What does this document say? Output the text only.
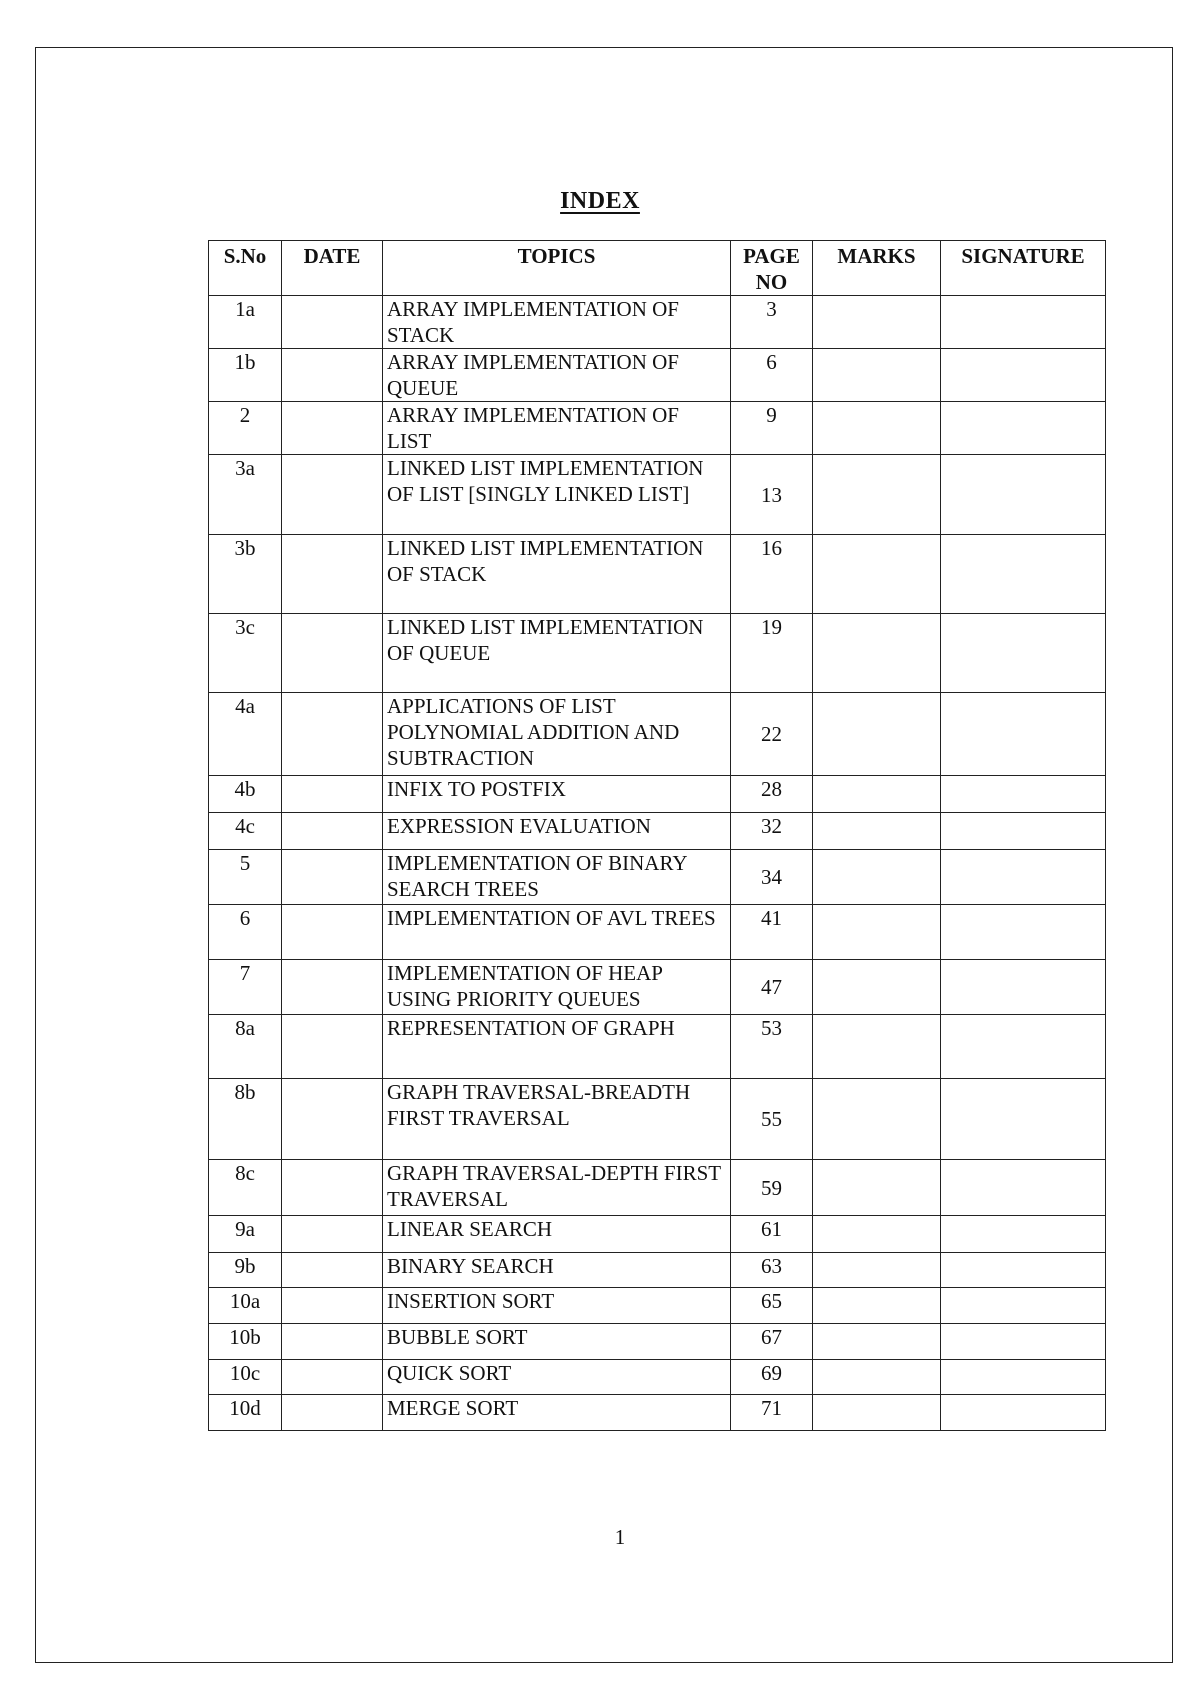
INDEX
S.No	DATE	TOPICS	PAGE NO	MARKS	SIGNATURE
1a		ARRAY IMPLEMENTATION OF STACK	3		
1b		ARRAY IMPLEMENTATION OF QUEUE	6		
2		ARRAY IMPLEMENTATION OF LIST	9		
3a		LINKED LIST IMPLEMENTATION OF LIST [SINGLY LINKED LIST]	13		
3b		LINKED LIST IMPLEMENTATION OF STACK	16		
3c		LINKED LIST IMPLEMENTATION OF QUEUE	19		
4a		APPLICATIONS OF LIST POLYNOMIAL ADDITION AND SUBTRACTION	22		
4b		INFIX TO POSTFIX	28		
4c		EXPRESSION EVALUATION	32		
5		IMPLEMENTATION OF BINARY SEARCH TREES	34		
6		IMPLEMENTATION OF AVL TREES	41		
7		IMPLEMENTATION OF HEAP USING PRIORITY QUEUES	47		
8a		REPRESENTATION OF GRAPH	53		
8b		GRAPH TRAVERSAL-BREADTH FIRST TRAVERSAL	55		
8c		GRAPH TRAVERSAL-DEPTH FIRST TRAVERSAL	59		
9a		LINEAR SEARCH	61		
9b		BINARY SEARCH	63		
10a		INSERTION SORT	65		
10b		BUBBLE SORT	67		
10c		QUICK SORT	69		
10d		MERGE SORT	71		
1
